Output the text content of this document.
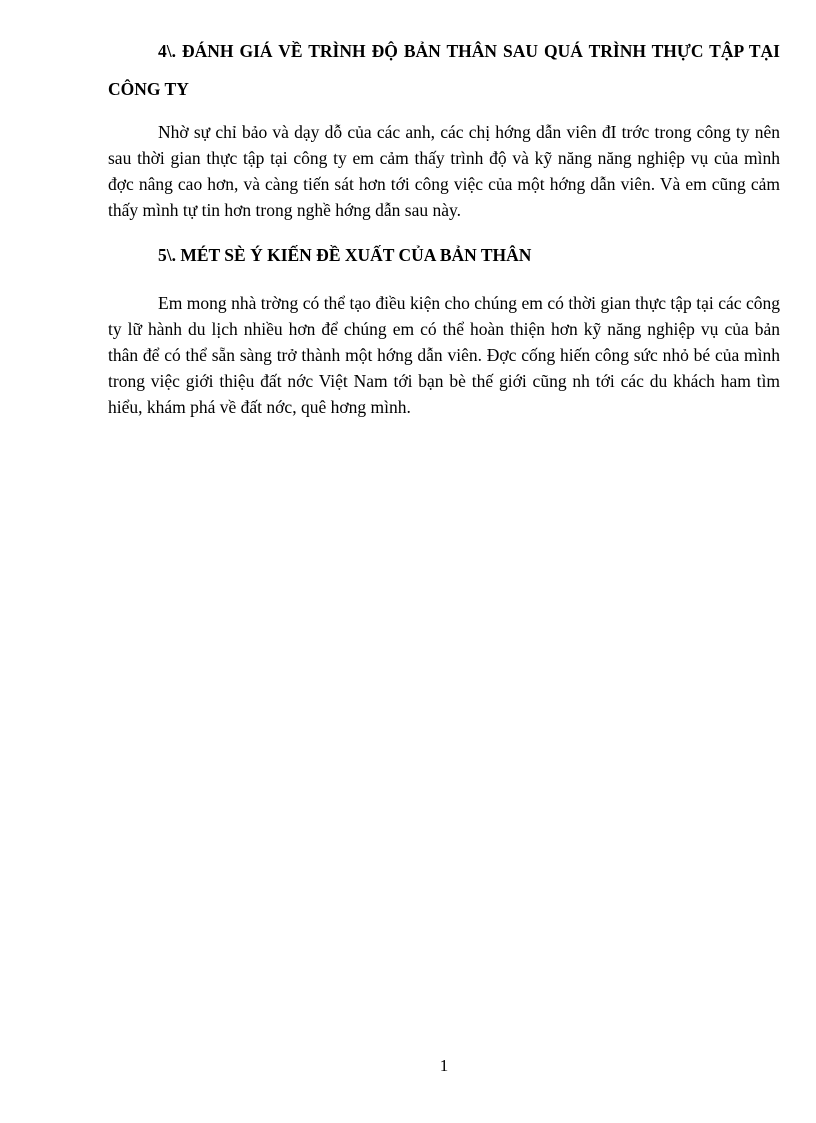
4\. ĐÁNH GIÁ VỀ TRÌNH ĐỘ BẢN THÂN SAU QUÁ TRÌNH THỰC TẬP TẠI CÔNG TY

Nhờ sự chỉ bảo và dạy dỗ của các anh, các chị hớng dẫn viên đI trớc trong công ty nên sau thời gian thực tập tại công ty em cảm thấy trình độ và kỹ năng năng nghiệp vụ của mình đợc nâng cao hơn, và càng tiến sát hơn tới công việc của một hớng dẫn viên. Và em cũng cảm thấy mình tự tin hơn trong nghề hớng dẫn sau này.

5\. MÉT SÈ Ý KIẾN ĐỀ XUẤT CỦA BẢN THÂN

Em mong nhà trờng có thể tạo điều kiện cho chúng em có thời gian thực tập tại các công ty lữ hành du lịch nhiều hơn để chúng em có thể hoàn thiện hơn kỹ năng nghiệp vụ của bản thân để có thể sẵn sàng trở thành một hớng dẫn viên. Đợc cống hiến công sức nhỏ bé của mình trong việc giới thiệu đất nớc Việt Nam tới bạn bè thế giới cũng nh tới các du khách ham tìm hiểu, khám phá về đất nớc, quê hơng mình.

1
